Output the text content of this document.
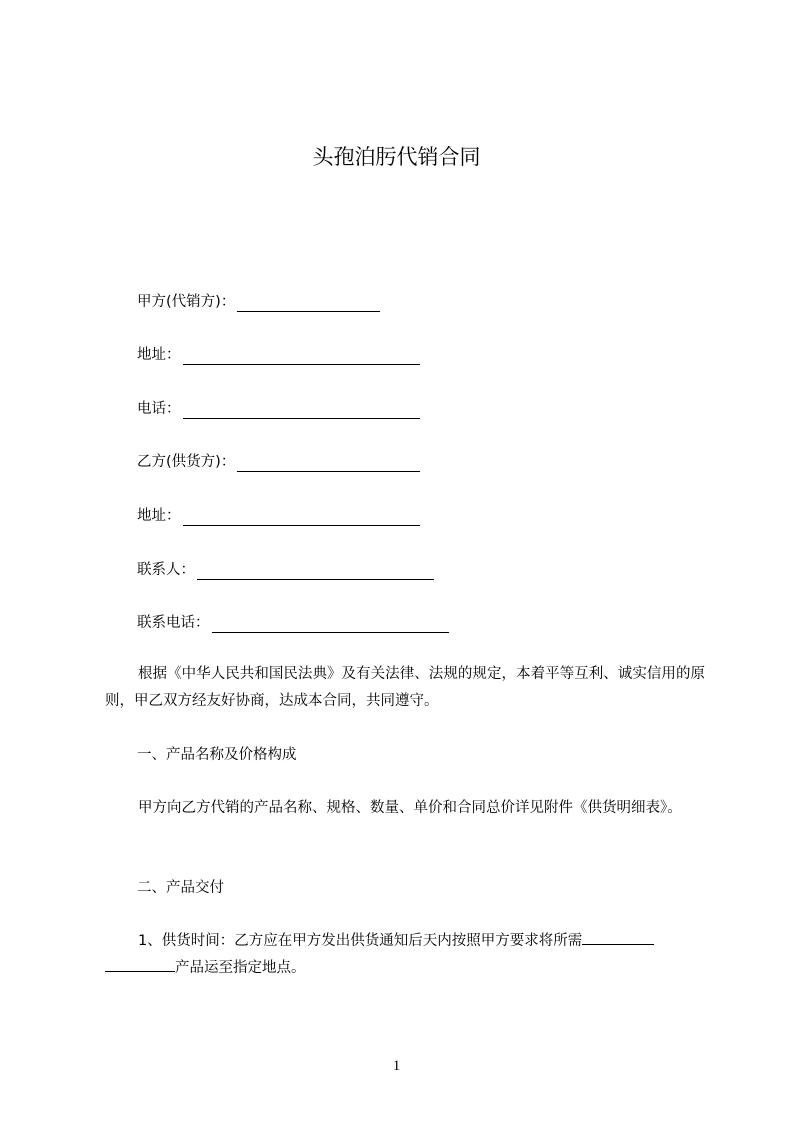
头孢泊肟代销合同
甲方(代销方)：
地址：
电话：
乙方(供货方)：
地址：
联系人：
联系电话：
根据《中华人民共和国民法典》及有关法律、法规的规定，本着平等互利、诚实信用的原则，甲乙双方经友好协商，达成本合同，共同遵守。
一、产品名称及价格构成
甲方向乙方代销的产品名称、规格、数量、单价和合同总价详见附件《供货明细表》。
二、产品交付
1、供货时间：乙方应在甲方发出供货通知后天内按照甲方要求将所需
产品运至指定地点。
1
